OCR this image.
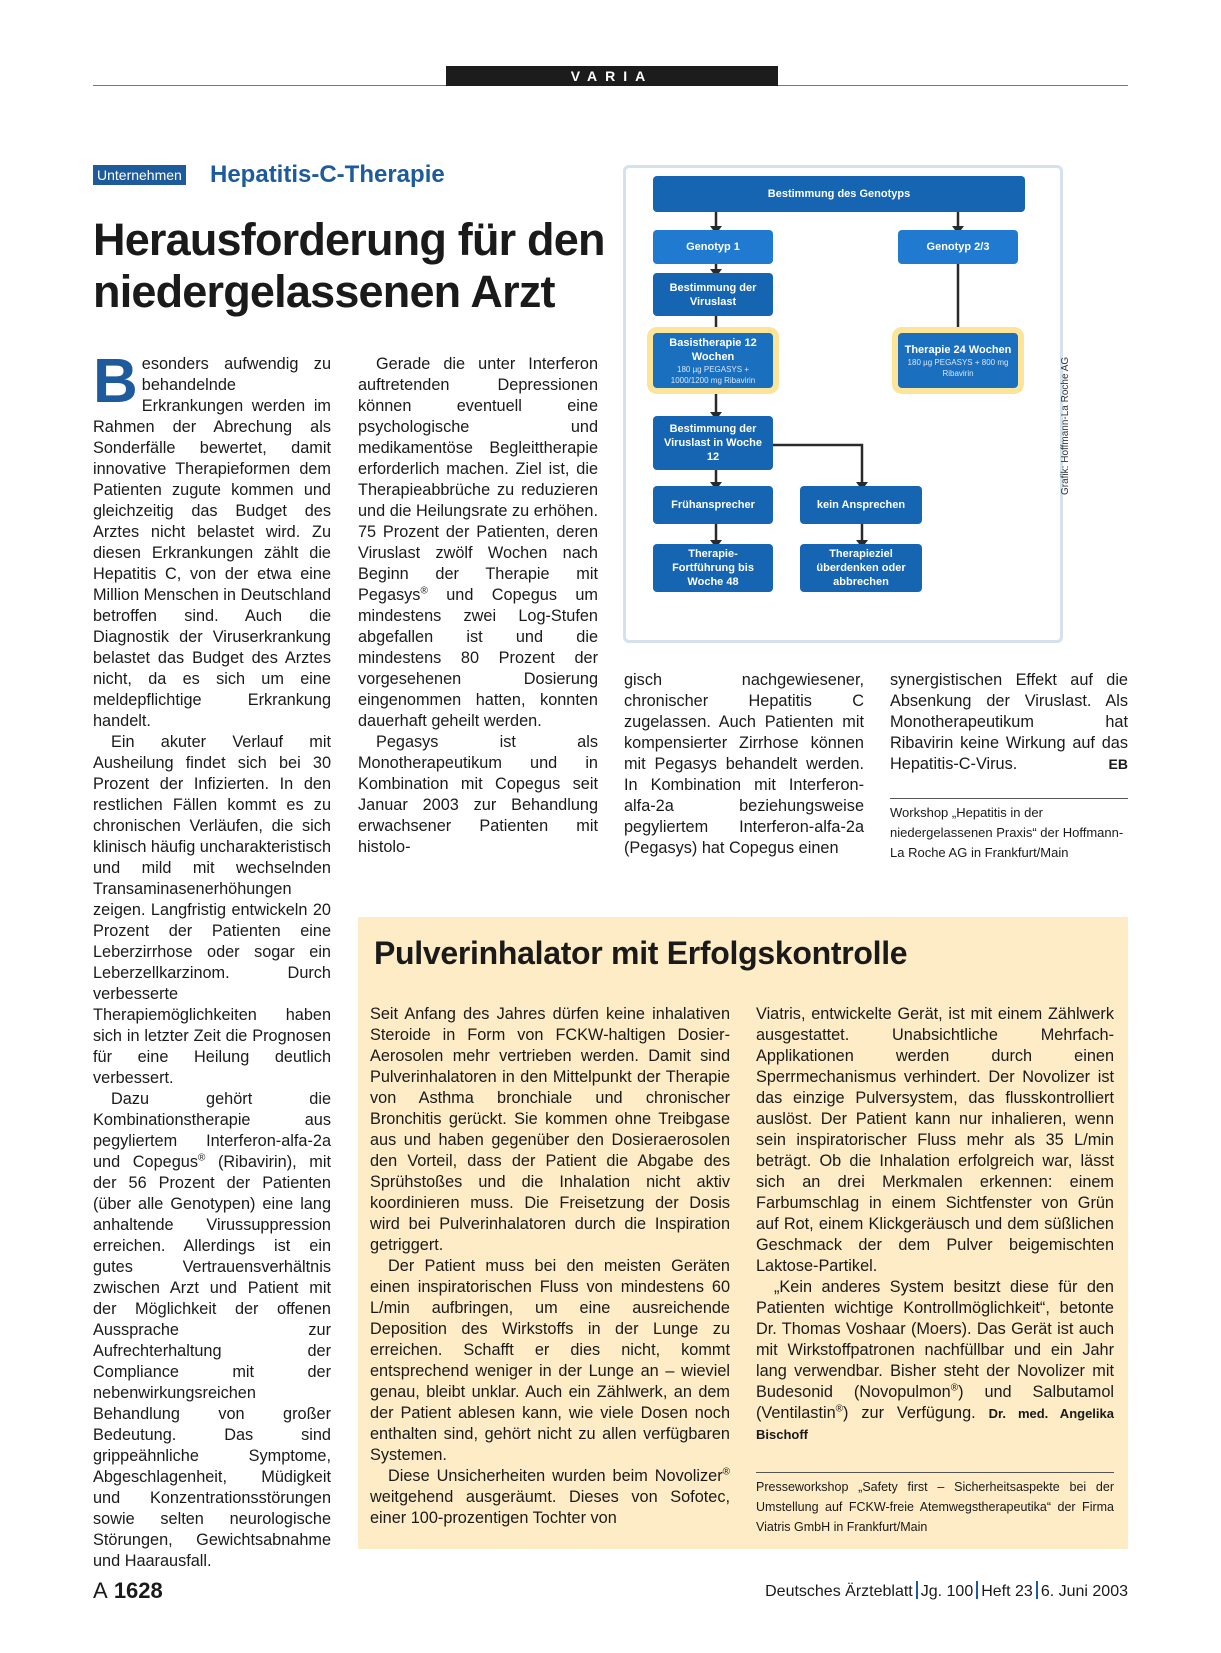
VARIA
Unternehmen Hepatitis-C-Therapie
Herausforderung für den niedergelassenen Arzt

Besonders aufwendig zu behandelnde Erkrankungen werden im Rahmen der Abrechung als Sonderfälle bewertet, damit innovative Therapieformen dem Patienten zugute kommen und gleichzeitig das Budget des Arztes nicht belastet wird. Zu diesen Erkrankungen zählt die Hepatitis C, von der etwa eine Million Menschen in Deutschland betroffen sind. Auch die Diagnostik der Viruserkrankung belastet das Budget des Arztes nicht, da es sich um eine meldepflichtige Erkrankung handelt.

Ein akuter Verlauf mit Ausheilung findet sich bei 30 Prozent der Infizierten. In den restlichen Fällen kommt es zu chronischen Verläufen, die sich klinisch häufig uncharakteristisch und mild mit wechselnden Transaminasenerhöhungen zeigen. Langfristig entwickeln 20 Prozent der Patienten eine Leberzirrhose oder sogar ein Leberzellkarzinom. Durch verbesserte Therapiemöglichkeiten haben sich in letzter Zeit die Prognosen für eine Heilung deutlich verbessert.

Dazu gehört die Kombinationstherapie aus pegyliertem Interferon-alfa-2a und Copegus® (Ribavirin), mit der 56 Prozent der Patienten (über alle Genotypen) eine lang anhaltende Virussuppression erreichen. Allerdings ist ein gutes Vertrauensverhältnis zwischen Arzt und Patient mit der Möglichkeit der offenen Aussprache zur Aufrechterhaltung der Compliance mit der nebenwirkungsreichen Behandlung von großer Bedeutung. Das sind grippeähnliche Symptome, Abgeschlagenheit, Müdigkeit und Konzentrationsstörungen sowie selten neurologische Störungen, Gewichtsabnahme und Haarausfall.

Gerade die unter Interferon auftretenden Depressionen können eventuell eine psychologische und medikamentöse Begleittherapie erforderlich machen. Ziel ist, die Therapieabbrüche zu reduzieren und die Heilungsrate zu erhöhen. 75 Prozent der Patienten, deren Viruslast zwölf Wochen nach Beginn der Therapie mit Pegasys® und Copegus um mindestens zwei Log-Stufen abgefallen ist und die mindestens 80 Prozent der vorgesehenen Dosierung eingenommen hatten, konnten dauerhaft geheilt werden.

Pegasys ist als Monotherapeutikum und in Kombination mit Copegus seit Januar 2003 zur Behandlung erwachsener Patienten mit histolo-

gisch nachgewiesener, chronischer Hepatitis C zugelassen. Auch Patienten mit kompensierter Zirrhose können mit Pegasys behandelt werden. In Kombination mit Interferon-alfa-2a beziehungsweise pegyliertem Interferon-alfa-2a (Pegasys) hat Copegus einen

synergistischen Effekt auf die Absenkung der Viruslast. Als Monotherapeutikum hat Ribavirin keine Wirkung auf das Hepatitis-C-Virus.	EB

Workshop „Hepatitis in der niedergelassenen Praxis“ der Hoffmann-La Roche AG in Frankfurt/Main
Bestimmung des Genotyps
Genotyp 1	Genotyp 2/3
Bestimmung der Viruslast
Basistherapie 12 Wochen
180 µg PEGASYS + 1000/1200 mg Ribavirin
Therapie 24 Wochen
180 µg PEGASYS + 800 mg Ribavirin
Bestimmung der Viruslast in Woche 12
Frühansprecher	kein Ansprechen
Therapie-Fortführung bis Woche 48
Therapieziel überdenken oder abbrechen
Grafik: Hoffmann-La Roche AG
Pulverinhalator mit Erfolgskontrolle

Seit Anfang des Jahres dürfen keine inhalativen Steroide in Form von FCKW-haltigen Dosier-Aerosolen mehr vertrieben werden. Damit sind Pulverinhalatoren in den Mittelpunkt der Therapie von Asthma bronchiale und chronischer Bronchitis gerückt. Sie kommen ohne Treibgase aus und haben gegenüber den Dosieraerosolen den Vorteil, dass der Patient die Abgabe des Sprühstoßes und die Inhalation nicht aktiv koordinieren muss. Die Freisetzung der Dosis wird bei Pulverinhalatoren durch die Inspiration getriggert.

Der Patient muss bei den meisten Geräten einen inspiratorischen Fluss von mindestens 60 L/min aufbringen, um eine ausreichende Deposition des Wirkstoffs in der Lunge zu erreichen. Schafft er dies nicht, kommt entsprechend weniger in der Lunge an – wieviel genau, bleibt unklar. Auch ein Zählwerk, an dem der Patient ablesen kann, wie viele Dosen noch enthalten sind, gehört nicht zu allen verfügbaren Systemen.

Diese Unsicherheiten wurden beim Novolizer® weitgehend ausgeräumt. Dieses von Sofotec, einer 100-prozentigen Tochter von

Viatris, entwickelte Gerät, ist mit einem Zählwerk ausgestattet. Unabsichtliche Mehrfach-Applikationen werden durch einen Sperrmechanismus verhindert. Der Novolizer ist das einzige Pulversystem, das flusskontrolliert auslöst. Der Patient kann nur inhalieren, wenn sein inspiratorischer Fluss mehr als 35 L/min beträgt. Ob die Inhalation erfolgreich war, lässt sich an drei Merkmalen erkennen: einem Farbumschlag in einem Sichtfenster von Grün auf Rot, einem Klickgeräusch und dem süßlichen Geschmack der dem Pulver beigemischten Laktose-Partikel.

„Kein anderes System besitzt diese für den Patienten wichtige Kontrollmöglichkeit“, betonte Dr. Thomas Voshaar (Moers). Das Gerät ist auch mit Wirkstoffpatronen nachfüllbar und ein Jahr lang verwendbar. Bisher steht der Novolizer mit Budesonid (Novopulmon®) und Salbutamol (Ventilastin®) zur Verfügung. Dr. med. Angelika Bischoff

Presseworkshop „Safety first – Sicherheitsaspekte bei der Umstellung auf FCKW-freie Atemwegstherapeutika“ der Firma Viatris GmbH in Frankfurt/Main
A 1628	Deutsches Ärzteblatt Jg. 100 Heft 23 6. Juni 2003
